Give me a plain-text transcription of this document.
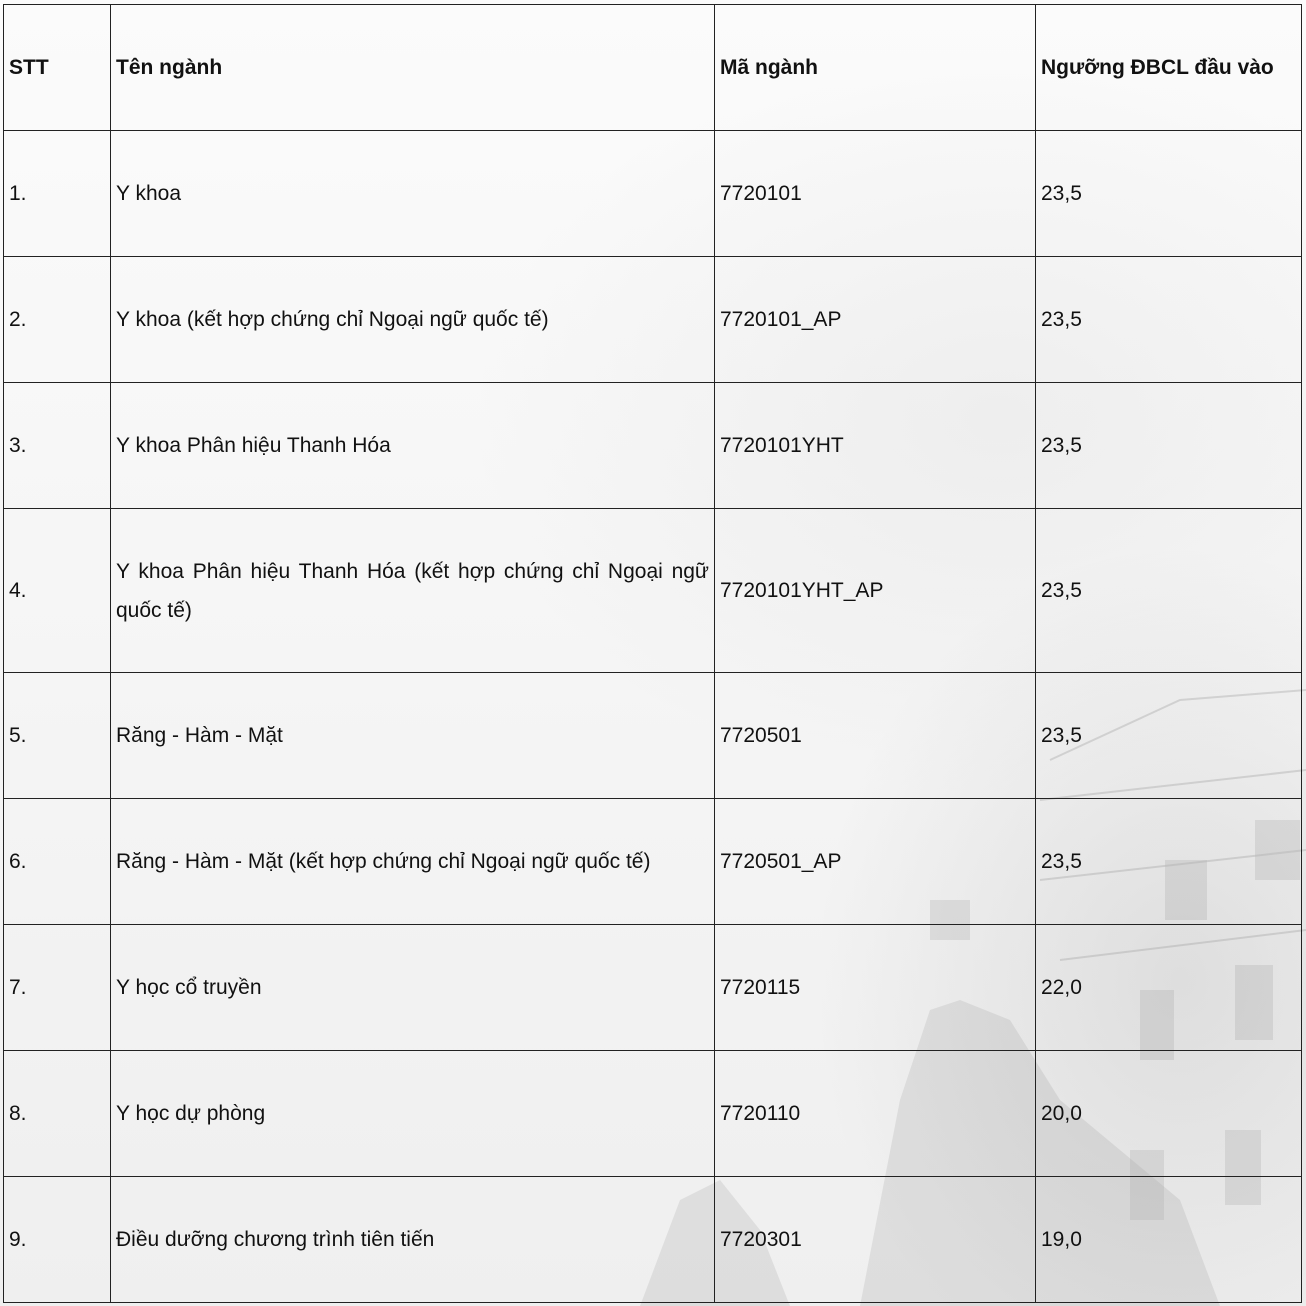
STT	Tên ngành	Mã ngành	Ngưỡng ĐBCL đầu vào
1.	Y khoa	7720101	23,5
2.	Y khoa (kết hợp chứng chỉ Ngoại ngữ quốc tế)	7720101_AP	23,5
3.	Y khoa Phân hiệu Thanh Hóa	7720101YHT	23,5
4.	Y khoa Phân hiệu Thanh Hóa (kết hợp chứng chỉ Ngoại ngữ quốc tế)	7720101YHT_AP	23,5
5.	Răng - Hàm - Mặt	7720501	23,5
6.	Răng - Hàm - Mặt (kết hợp chứng chỉ Ngoại ngữ quốc tế)	7720501_AP	23,5
7.	Y học cổ truyền	7720115	22,0
8.	Y học dự phòng	7720110	20,0
9.	Điều dưỡng chương trình tiên tiến	7720301	19,0
